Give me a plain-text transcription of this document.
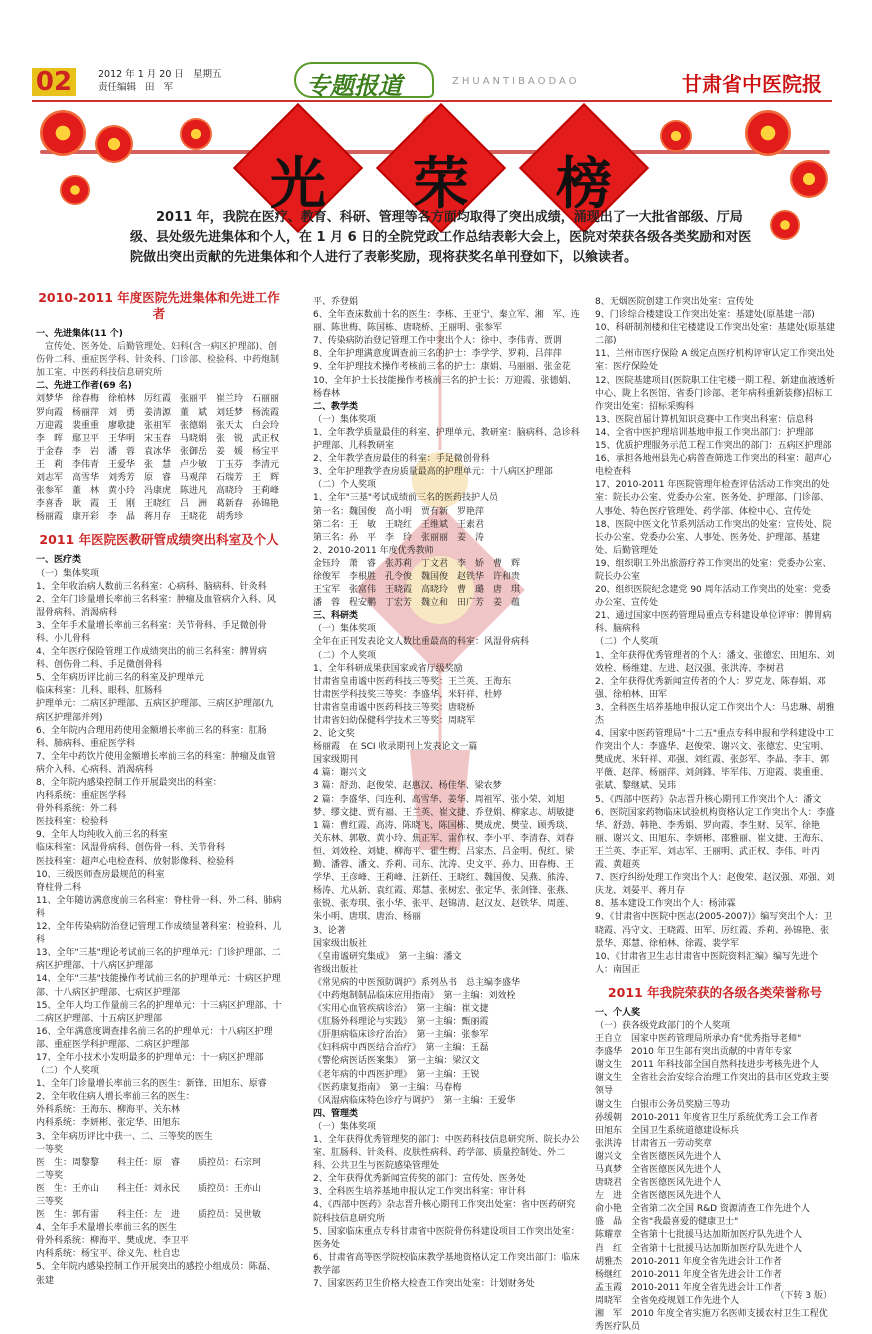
02	2012 年 1 月 20 日   星期五
责任编辑   田   军	专题报道	ZHUANTIBAODAO	甘肃省中医院报
光	荣	榜
2011 年，我院在医疗、教育、科研、管理等各方面均取得了突出成绩，涌现出了一大批省部级、厅局级、县处级先进集体和个人，在 1 月 6 日的全院党政工作总结表彰大会上，医院对荣获各级各类奖励和对医院做出突出贡献的先进集体和个人进行了表彰奖励，现将获奖名单刊登如下，以飨读者。

2010-2011 年度医院先进集体和先进工作者

一、先进集体(11 个)

宣传处、医务处、后勤管理处、妇科(含一病区护理部)、创伤骨二科、重症医学科、针灸科、门诊部、检验科、中药炮制加工室、中医药科技信息研究所

二、先进工作者(69 名)

刘梦华　徐春梅　徐柏林　厉红霞　张丽平　崔兰玲　石丽丽

罗向霞　杨丽萍　刘　勇　姜清源　董　斌　刘廷梦　杨流霞

万迎霞　裴重重　廖歌捷　张祖军　张德娟　张天太　白会玲

李　晖　鄢卫平　王华明　宋玉春　马晓娟　张　锐　武正权

于金春　李　岩　潘　蓉　袁冰华　张御岳　姜　媛　杨宝平

王　莉　李伟青　王爱华　张　慧　卢少敏　丁玉芬　李清元

刘志军　高雪华　刘秀芳　原　睿　马观萍　石瑞芳　王　辉

张参军　董　林　黄小玲　冯康虎　陈进凡　高晓玲　王莉峰

李喜香　耿　霞　王　刚　王晓红　吕　洲　葛新春　孙锦艳

杨丽霞　康开彩　李　晶　蒋月存　王晓花　胡秀珍

2011 年医院医教研管成绩突出科室及个人

一、医疗类

（一）集体奖项

1、全年收治病人数前三名科室：心病科、脑病科、针灸科

2、全年门诊量增长率前三名科室：肿瘤及血管病介入科、风湿骨病科、消渴病科

3、全年手术量增长率前三名科室：关节骨科、手足微创骨科、小儿骨科

4、全年医疗保险管理工作成绩突出的前三名科室：脾胃病科、创伤骨二科、手足微创骨科

5、全年病历评比前三名的科室及护理单元

临床科室：儿科、眼科、肛肠科

护理单元：二病区护理部、五病区护理部、三病区护理部(九病区护理部并列)

6、全年院内合理用药使用金额增长率前三名的科室：肛肠科、肺病科、重症医学科

7、全年中药饮片使用金额增长率前三名的科室：肿瘤及血管病介入科、心病科、消渴病科

8、全年院内感染控制工作开展最突出的科室：

内科系统：重症医学科

骨外科系统：外二科

医技科室：检验科

9、全年人均纯收入前三名的科室

临床科室：风湿骨病科、创伤骨一科、关节骨科

医技科室：超声心电检查科、放射影像科、检验科

10、三级医师查房最规范的科室

脊柱骨二科

11、全年随访满意度前三名科室：脊柱骨一科、外二科、肺病科

12、全年传染病防治登记管理工作成绩显著科室：检验科、儿科

13、全年"三基"理论考试前三名的护理单元：门诊护理部、二病区护理部、十八病区护理部

14、全年"三基"技能操作考试前三名的护理单元：十病区护理部、十八病区护理部、七病区护理部

15、全年人均工作量前三名的护理单元：十三病区护理部、十二病区护理部、十五病区护理部

16、全年满意度调查排名前三名的护理单元：十八病区护理部、重症医学科护理部、二病区护理部

17、全年小技术小发明最多的护理单元：十一病区护理部

（二）个人奖项

1、全年门诊量增长率前三名的医生：新锋、田旭东、原睿

2、全年收住病人增长率前三名的医生：

外科系统：王海东、柳海平、关东林

内科系统：李妍彬、张定华、田旭东

3、全年病历评比中获一、二、三等奖的医生

一等奖

医　生：周黎黎　　科主任：原　睿　　质控员：石宗珂

二等奖

医　生：王亦山　　科主任：刘永民　　质控员：王亦山

三等奖

医　生：郭有雷　　科主任：左　进　　质控员：吴世敏

4、全年手术量增长率前三名的医生

骨外科系统：柳海平、樊成虎、李卫平

内科系统：杨宝平、徐义先、杜自忠

5、全年院内感染控制工作开展突出的感控小组成员：陈磊、张建

平、乔登娟

6、全年查床数前十名的医生：李栋、王亚宁、秦立军、湘　军、连丽、陈世梅、陈国栋、唐晓桥、王丽明、张参军

7、传染病防治登记管理工作中突出个人：徐中、李伟青、贾谓

8、全年护理满意度调查前三名的护士：李学学、罗莉、吕萍萍

9、全年护理技术操作考核前三名的护士：康娟、马丽丽、张金花

10、全年护士长技能操作考核前三名的护士长：万迎霞、张德娟、杨春林

二、教学类

（一）集体奖项

1、全年教学质量最佳的科室、护理单元、教研室：脑病科、急诊科护理部、儿科教研室

2、全年教学查房最佳的科室：手足微创骨科

3、全年护理教学查房质量最高的护理单元：十八病区护理部

（二）个人奖项

1、全年"三基"考试成绩前三名的医药技护人员

第一名：魏国俊　高小明　贾有新　罗艳萍

第二名：王　敏　王晓红　王维斌　王素君

第三名：孙　平　李　玲　张丽丽　姜　涛

2、2010-2011 年度优秀教师

金钰玲　萧　睿　张苏莉　丁文君　李　娇　曹　辉

徐俊军　李根胜　孔令俊　魏国俊　赵铁华　许和贵

王宝军　张富伟　王晓霞　高晓玲　曹　璐　唐　琪

潘　蓉　程安鹏　丁宏芳　魏立和　田广芳　姜　蕴

三、科研类

（一）集体奖项

全年在正刊发表论文人数比重最高的科室：风湿骨病科

（二）个人奖项

1、全年科研成果获国家或省厅级奖励

甘肃省皇甫谧中医药科技三等奖：王兰英、王海东

甘肃医学科技奖三等奖：李盛华、米轩祥、杜婷

甘肃省皇甫谧中医药科技三等奖：唐晓桥

甘肃省妇幼保健科学技术三等奖：周晓军

2、论文奖

杨丽霞　在 SCI 收录期刊上发表论文一篇

国家级期刊

4 篇：谢兴文

3 篇：舒劲、赵俊荣、赵惠汉、杨佳华、梁农梦

2 篇：李盛华、闫连利、高雪华、姜华、周祖军、张小荣、刘旭梦、缪文捷、贾有福、王兰英、崔文捷、乔登娟、柳家志、胡敏捷

1 篇：曹红霞、高涛、陈晓飞、陈国栋、樊成虎、樊莹、顾秀琰、关东林、郭敬、黄小玲、焦正军、雷作权、李小平、李清春、刘春恒、刘效栓、刘婕、柳海平、霍生梅、吕家杰、吕金明、倪红、梁勤、潘蓉、潘文、乔莉、司东、沈涛、史文平、孙力、田春梅、王学华、王彦峰、王莉峰、汪新任、王晓红、魏国俊、吴燕、熊涛、杨涛、尤从新、袁红霞、郑慧、张树宏、张定华、张剑锋、张燕、张锐、张寿琪、张小华、张平、赵锦清、赵汉友、赵铁华、周莲、朱小明、唐琪、唐治、杨丽

3、论著

国家级出版社

《皇甫谧研究集成》　第一主编：潘文

省级出版社

《常见病的中医预防调护》系列丛书　总主编李盛华

《中药炮制制品临床应用指南》　第一主编：刘效栓

《实用心血管疾病诊治》　第一主编：崔文捷

《肛肠外科理论与实践》　第一主编：甄丽霞

《肝胆病临床诊疗治治》　第一主编：张参军

《妇科病中西医结合治疗》　第一主编：王磊

《警伦病医话医案集》　第一主编：梁汉文

《老年病的中西医护理》　第一主编：王锐

《医药康复指南》　第一主编：马春梅

《风湿病临床特色诊疗与调护》　第一主编：王爱华

四、管理类

（一）集体奖项

1、全年获得优秀管理奖的部门：中医药科技信息研究所、院长办公室、肛肠科、针灸科、皮肤性病科、药学部、质量控制处、外二科、公共卫生与医院感染管理处

2、全年获得优秀新闻宣传奖的部门：宣传处、医务处

3、全科医生培养基地申报认定工作突出科室：审计科

4、《西部中医药》杂志晋升核心期刊工作突出处室：省中医药研究院科技信息研究所

5、国家临床重点专科甘肃省中医院骨伤科建设项目工作突出处室：医务处

6、甘肃省高等医学院校临床教学基地资格认定工作突出部门：临床教学部

7、国家医药卫生价格大检查工作突出处室：计划财务处

8、无烟医院创建工作突出处室：宣传处

9、门诊综合楼建设工作突出处室：基建处(原基建一部)

10、科研制剂楼和住宅楼建设工作突出处室：基建处(原基建二部)

11、兰州市医疗保险 A 级定点医疗机构评审认定工作突出处室：医疗保险处

12、医院基建项目(医院职工住宅楼一期工程、新建血液透析中心、陇上名医馆、省委门诊部、老年病科重新装修)招标工作突出处室：招标采购科

13、医院首届计算机知识竞赛中工作突出科室：信息科

14、全省中医护理培训基地申报工作突出部门：护理部

15、优质护理服务示范工程工作突出的部门：五病区护理部

16、承担各地州县先心病普查筛选工作突出的科室：超声心电检查科

17、2010-2011 年医院管理年检查评估活动工作突出的处室：院长办公室、党委办公室、医务处、护理部、门诊部、人事处、特色医疗管理处、药学部、体检中心、宣传处

18、医院中医文化节系列活动工作突出的处室：宣传处、院长办公室、党委办公室、人事处、医务处、护理部、基建处、后勤管理处

19、组织职工外出旅游疗养工作突出的处室：党委办公室、院长办公室

20、组织医院纪念建党 90 周年活动工作突出的处室：党委办公室、宣传处

21、通过国家中医药管理局重点专科建设单位评审：脾胃病科、脑病科

（二）个人奖项

1、全年获得优秀管理者的个人：潘文、张德宏、田旭东、刘效栓、杨维建、左进、赵汉强、张洪涛、李树君

2、全年获得优秀新闻宣传者的个人：罗克龙、陈春娟、邓　强、徐柏林、田军

3、全科医生培养基地申报认定工作突出个人：马忠琳、胡雅杰

4、国家中医药管理局"十二五"重点专科申报和学科建设中工作突出个人：李盛华、赵俊荣、谢兴文、张德宏、史宝明、樊成虎、米轩祥、邓强、刘红霞、张彭军、李晶、李丰、郭平薇、赵萍、杨丽萍、刘剑鋒、毕军伟、万迎霞、裴重重、张斌、黎继斌、吴玮

5、《西部中医药》杂志晋升核心期刊工作突出个人：潘文

6、医院国家药物临床试验机构资格认定工作突出个人：李盛华、舒劲、韩艳、李秀娟、罗向霞、李生财、吴军、徐艳丽、谢兴文、田旭东、李妍彬、邵雅丽、崔文捷、王海东、王兰英、李正军、刘志军、王丽明、武正权、李伟、叶丙霞、黄超英

7、医疗纠纷处理工作突出个人：赵俊荣、赵汉强、邓强、刘庆龙、刘晏平、蒋月存

8、基本建设工作突出个人：杨沛霖

9、《甘肃省中医院中医志(2005-2007)》编写突出个人：卫晓霞、冯守文、王晓霞、田军、厉红霞、乔莉、孙锦艳、张景华、郑慧、徐柏林、徐霞、裴学军

10、《甘肃省卫生志甘肃省中医院资料汇编》编写先进个人：南国正

2011 年我院荣获的各级各类荣誉称号

一、个人奖

（一）获各级党政部门的个人奖项

王自立　国家中医药管理局所承办育"优秀指导老师"

李盛华　2010 年卫生部有突出贡献的中青年专家

谢文生　2011 年科技部全国自然科技进步考核先进个人

谢文生　全省社会治安综合治理工作突出的县市区党政主要领导

谢文生　白银市公务员奖励三等功

孙缓朝　2010-2011 年度省卫生厅系统优秀工会工作者

田旭东　全国卫生系统道德建设标兵

张洪涛　甘肃省五一劳动奖章

谢兴文　全省医德医风先进个人

马真梦　全省医德医风先进个人

唐晓君　全省医德医风先进个人

左　进　全省医德医风先进个人

俞小艳　全省第二次全国 R&D 资源清查工作先进个人

盛　晶　全省"我最喜爱的健康卫士"

陈耀章　全省第十七批援马达加斯加医疗队先进个人

肖　红　全省第十七批援马达加斯加医疗队先进个人

胡雅杰　2010-2011 年度全省先进会计工作者

杨继红　2010-2011 年度全省先进会计工作者

孟玉霞　2010-2011 年度全省先进会计工作者

周晓军　全省免疫规划工作先进个人

湘　军　2010 年度全省实施万名医师支援农村卫生工程优秀医疗队员

（下转 3 版）
